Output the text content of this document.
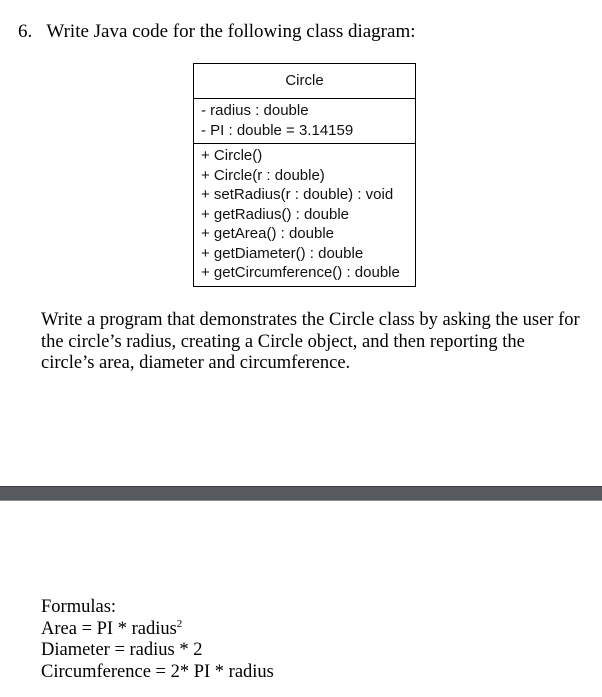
6. Write Java code for the following class diagram:
Circle
- radius : double
- PI : double = 3.14159
+ Circle()
+ Circle(r : double)
+ setRadius(r : double) : void
+ getRadius() : double
+ getArea() : double
+ getDiameter() : double
+ getCircumference() : double
Write a program that demonstrates the Circle class by asking the user for the circle’s radius, creating a Circle object, and then reporting the circle’s area, diameter and circumference.
Formulas:
Area = PI * radius$^2$
Diameter = radius * 2
Circumference = 2* PI * radius
